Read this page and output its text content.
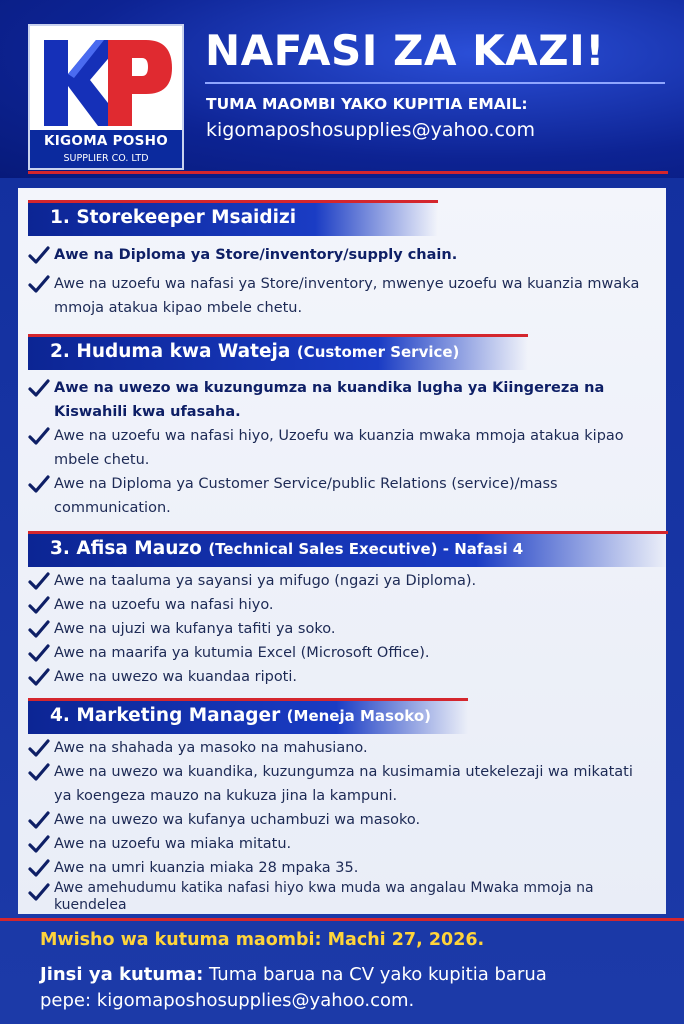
KIGOMA POSHO
SUPPLIER CO. LTD
NAFASI ZA KAZI!
TUMA MAOMBI YAKO KUPITIA EMAIL:
kigomaposhosupplies@yahoo.com
1. Storekeeper Msaidizi
Awe na Diploma ya Store/inventory/supply chain.
Awe na uzoefu wa nafasi ya Store/inventory, mwenye uzoefu wa kuanzia mwaka mmoja atakua kipao mbele chetu.
2. Huduma kwa Wateja (Customer Service)
Awe na uwezo wa kuzungumza na kuandika lugha ya Kiingereza na Kiswahili kwa ufasaha.
Awe na uzoefu wa nafasi hiyo, Uzoefu wa kuanzia mwaka mmoja atakua kipao mbele chetu.
Awe na Diploma ya Customer Service/public Relations (service)/mass communication.
3. Afisa Mauzo (Technical Sales Executive) - Nafasi 4
Awe na taaluma ya sayansi ya mifugo (ngazi ya Diploma).
Awe na uzoefu wa nafasi hiyo.
Awe na ujuzi wa kufanya tafiti ya soko.
Awe na maarifa ya kutumia Excel (Microsoft Office).
Awe na uwezo wa kuandaa ripoti.
4. Marketing Manager (Meneja Masoko)
Awe na shahada ya masoko na mahusiano.
Awe na uwezo wa kuandika, kuzungumza na kusimamia utekelezaji wa mikatati ya koengeza mauzo na kukuza jina la kampuni.
Awe na uwezo wa kufanya uchambuzi wa masoko.
Awe na uzoefu wa miaka mitatu.
Awe na umri kuanzia miaka 28 mpaka 35.
Awe amehudumu katika nafasi hiyo kwa muda wa angalau Mwaka mmoja na kuendelea
Mwisho wa kutuma maombi: Machi 27, 2026.
Jinsi ya kutuma: Tuma barua na CV yako kupitia barua
pepe: kigomaposhosupplies@yahoo.com.
